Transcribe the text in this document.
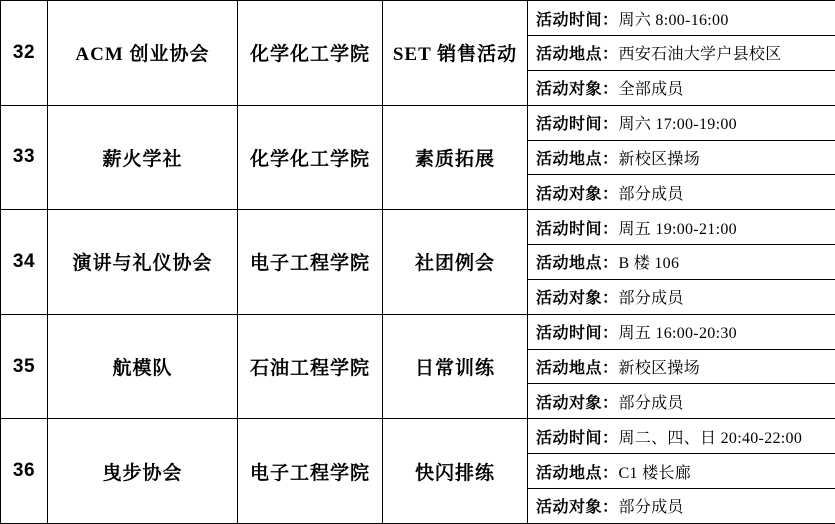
32	ACM 创业协会	化学化工学院	SET 销售活动	
活动时间：周六 8:00-16:00
活动地点：西安石油大学户县校区
活动对象：全部成员

33	薪火学社	化学化工学院	素质拓展	
活动时间：周六 17:00-19:00
活动地点：新校区操场
活动对象：部分成员

34	演讲与礼仪协会	电子工程学院	社团例会	
活动时间：周五 19:00-21:00
活动地点：B 楼 106
活动对象：部分成员

35	航模队	石油工程学院	日常训练	
活动时间：周五 16:00-20:30
活动地点：新校区操场
活动对象：部分成员

36	曳步协会	电子工程学院	快闪排练	
活动时间：周二、四、日 20:40-22:00
活动地点：C1 楼长廊
活动对象：部分成员
